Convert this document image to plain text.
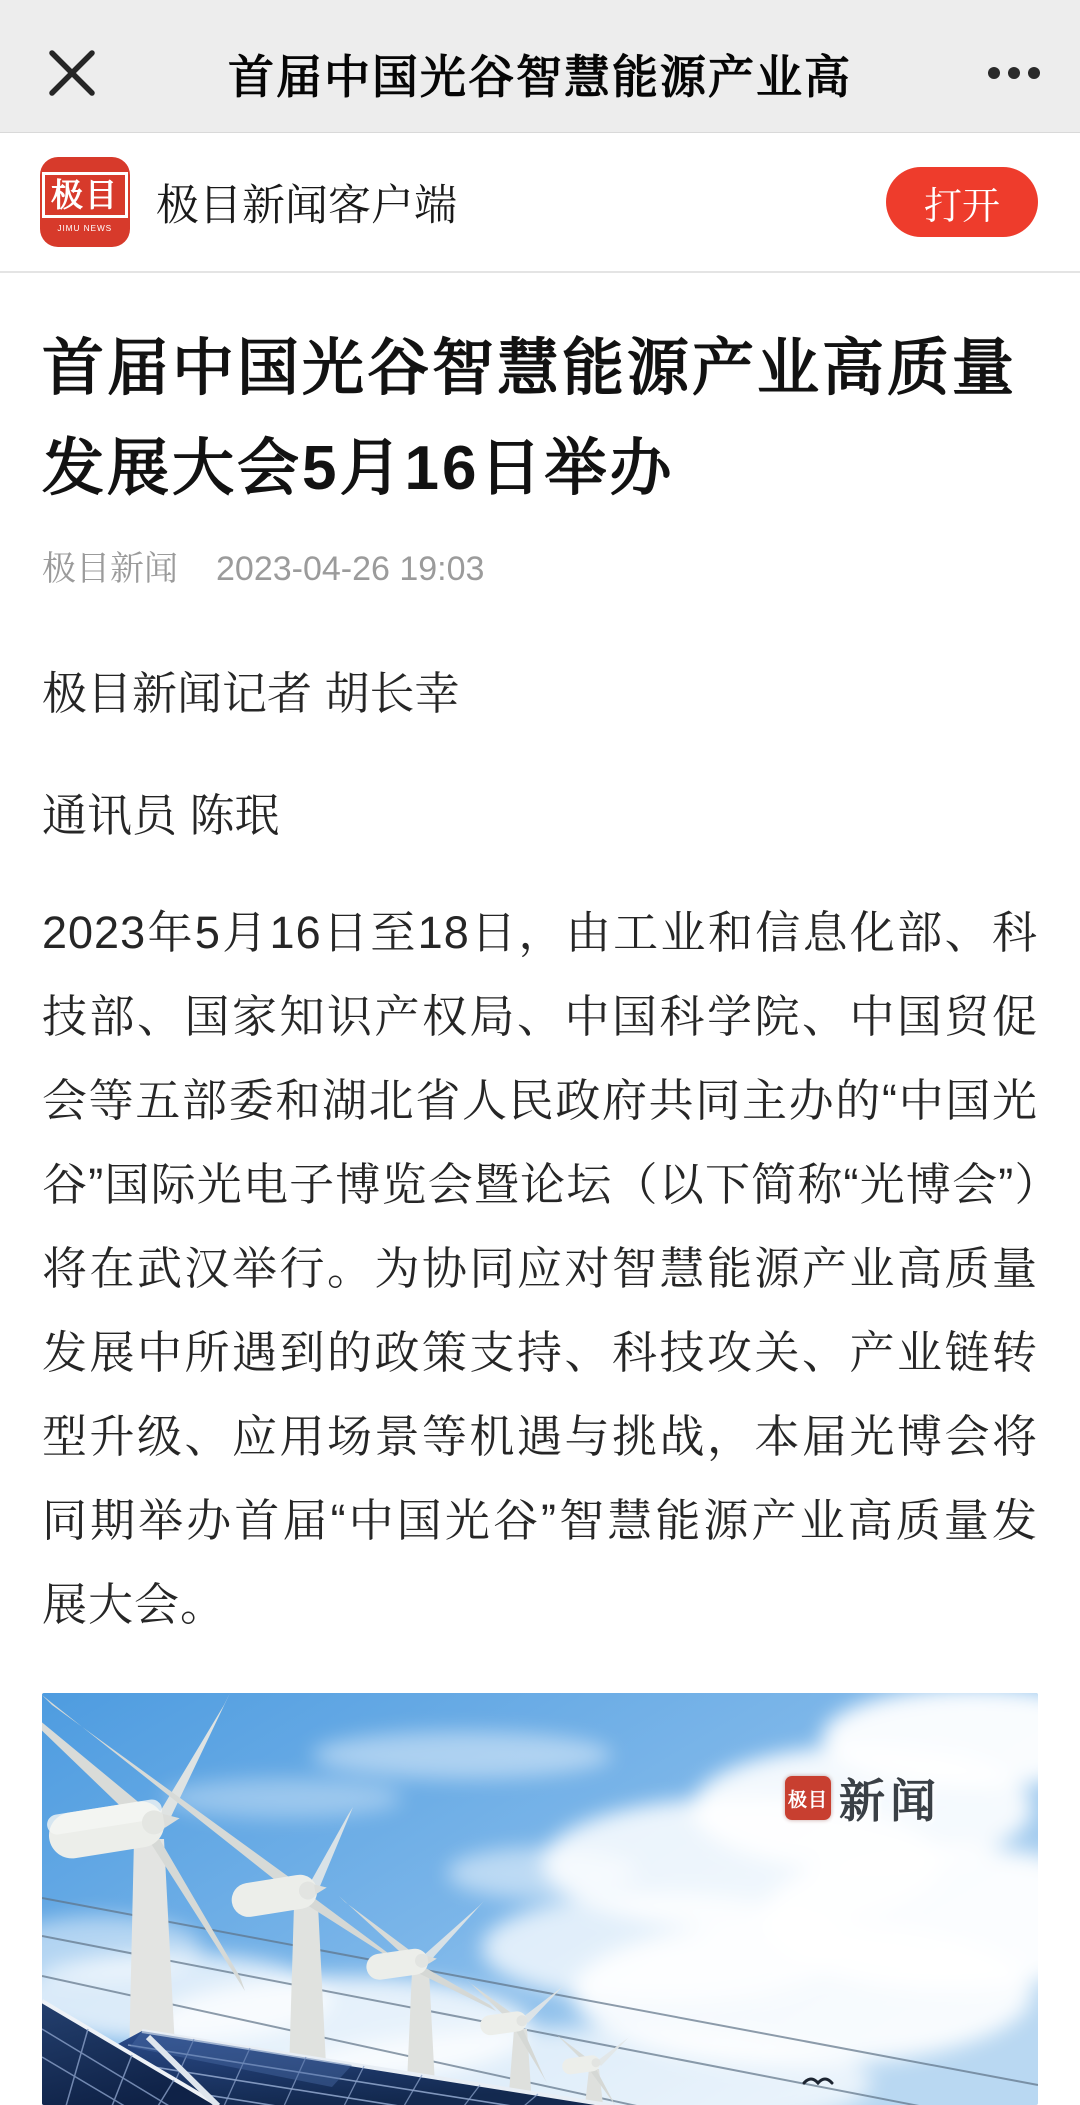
首届中国光谷智慧能源产业高
极目
JIMU NEWS 极目新闻客户端	打开
首届中国光谷智慧能源产业高质量发展大会5月16日举办
极目新闻 2023-04-26 19:03

极目新闻记者 胡长幸

通讯员 陈珉

2023年5月16日至18日，由工业和信息化部、科技部、国家知识产权局、中国科学院、中国贸促会等五部委和湖北省人民政府共同主办的“中国光谷”国际光电子博览会暨论坛（以下简称“光博会”）将在武汉举行。为协同应对智慧能源产业高质量发展中所遇到的政策支持、科技攻关、产业链转型升级、应用场景等机遇与挑战，本届光博会将同期举办首届“中国光谷”智慧能源产业高质量发展大会。

极目 新闻
